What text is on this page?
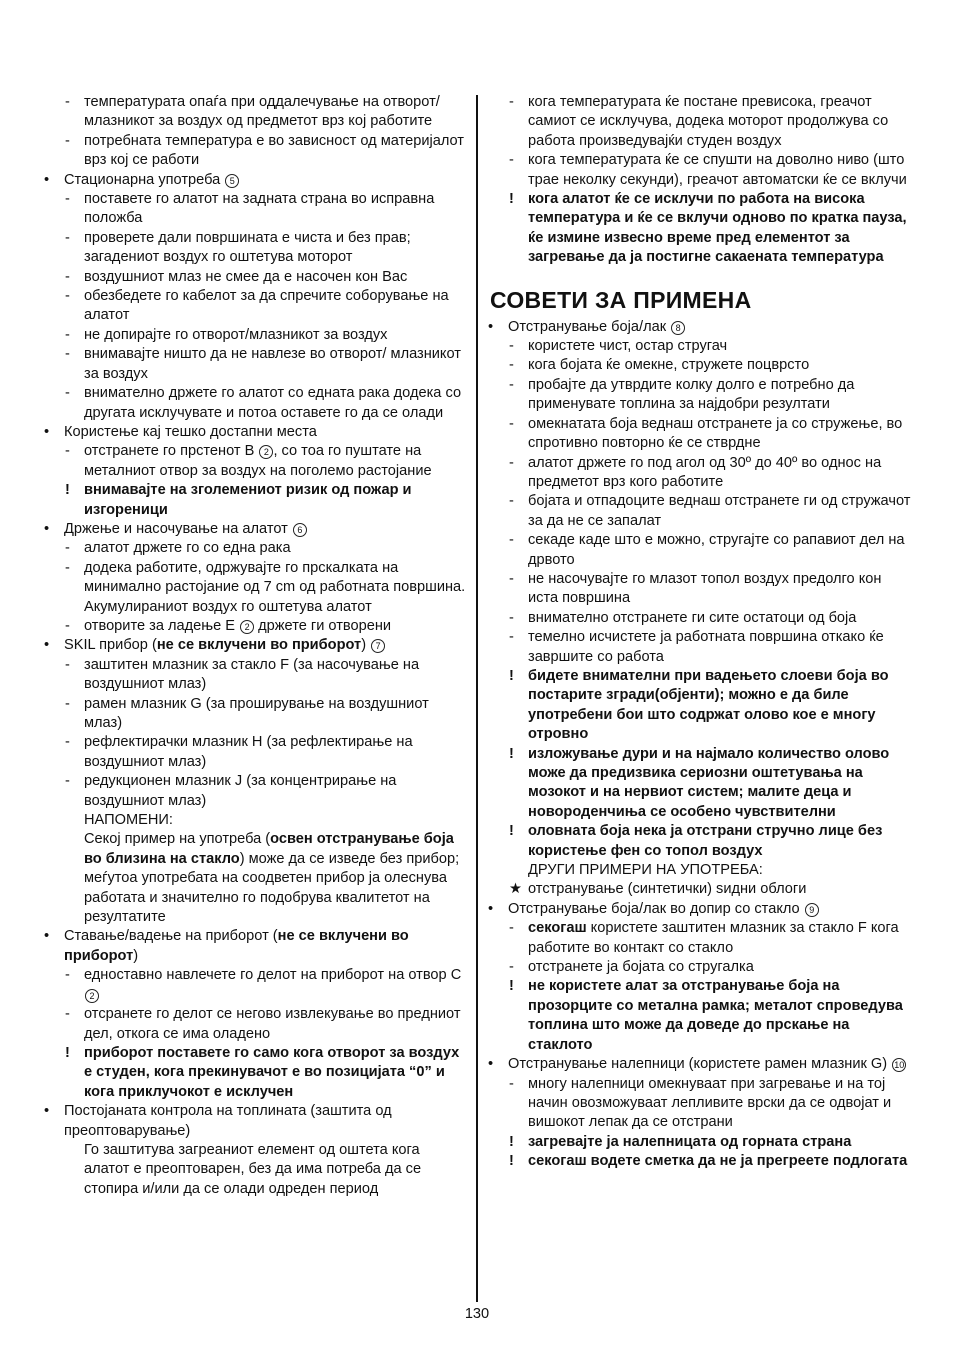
- температурата опаѓа при оддалечување на отворот/млазникот за воздух од предметот врз кој работите
- потребната температура е во зависност од материјалот врз кој се работи
• Стационарна употреба 5
- поставете го алатот на задната страна во исправна положба
- проверете дали површината е чиста и без прав; загадениот воздух го оштетува моторот
- воздушниот млаз не смее да е насочен кон Вас
- обезбедете го кабелот за да спречите соборување на алатот
- не допирајте го отворот/млазникот за воздух
- внимавајте ништо да не навлезе во отворот/ млазникот за воздух
- внимателно држете го алатот со едната рака додека со другата исклучувате и потоа оставете го да се олади
• Користење кај тешко достапни места
- отстранете го прстенот B 2 , со тоа го пуштате на металниот отвор за воздух на поголемо растојание
! внимавајте на зголемениот ризик од пожар и изгореници
• Држење и насочување на алатот 6
- алатот држете го со една рака
- додека работите, одржувајте го прскалката на минимално растојание од 7 cm од работната површина. Акумулираниот воздух го оштетува алатот
- отворите за ладење E 2 држете ги отворени
• SKIL прибор (не се вклучени во приборот) 7
- заштитен млазник за стакло F (за насочување на воздушниот млаз)
- рамен млазник G (за проширување на воздушниот млаз)
- рефлектирачки млазник H (за рефлектирање на воздушниот млаз)
- редукционен млазник J (за концентрирање на воздушниот млаз)
НАПОМЕНИ:
Секој пример на употреба (освен отстранување боја во близина на стакло) може да се изведе без прибор; меѓутоа употребата на соодветен прибор ја олеснува работата и значително го подобрува квалитетот на резултатите
• Ставање/вадење на приборот (не се вклучени во приборот)
- едноставно навлечете го делот на приборот на отвор C 2
- отсранете го делот се негово извлекување во предниот дел, откога се има оладено
! приборот поставете го само кога отворот за воздух е студен, кога прекинувачот е во позицијата “0” и кога приклучокот е исклучен
• Постојаната контрола на топлината (заштита од преоптоварување)
Го заштитува загреаниот елемент од оштета кога алатот е преоптоварен, без да има потреба да се стопира и/или да се олади одреден период
- кога температурата ќе постане превисока, греачот самиот се исклучува, додека моторот продолжува со работа произведувајќи студен воздух
- кога температурата ќе се спушти на доволно ниво (што трае неколку секунди), греачот автоматски ќе се вклучи
! кога алатот ќе се исклучи по работа на висока температура и ќе се вклучи одново по кратка пауза, ќе измине извесно време пред елементот за загревање да ја постигне сакаената температура
СОВЕТИ ЗА ПРИМЕНА
• Отстранување боја/лак 8
- користете чист, остар стругач
- кога бојата ќе омекне, стружете поцврсто
- пробајте да утврдите колку долго е потребно да применувате топлина за најдобри резултати
- омекнатата боја веднаш отстранете ја со стружење, во спротивно повторно ќе се стврдне
- алатот држете го под агол од 30º до 40º во однос на предметот врз кого работите
- бојата и отпадоците веднаш отстранете ги од стружачот за да не се запалат
- секаде каде што е можно, стругајте со рапавиот дел на дрвото
- не насочувајте го млазот топол воздух предолго кон иста површина
- внимателно отстранете ги сите остатоци од боја
- темелно исчистете ја работната површина откако ќе завршите со работа
! бидете внимателни при вадењето слоеви боја во постарите згради(објенти); можно е да биле употребени бои што содржат олово кое е многу отровно
! изложување дури и на најмало количество олово може да предизвика сериозни оштетувања на мозокот и на нервиот систем; малите деца и новороденчиња се особено чувствителни
! оловната боја нека ја отстрани стручно лице без користење фен со топол воздух
ДРУГИ ПРИМЕРИ НА УПОТРЕБА:
★ отстранување (синтетички) ѕидни облоги
• Отстранување боја/лак во допир со стакло 9
- секогаш користете заштитен млазник за стакло F кога работите во контакт со стакло
- отстранете ја бојата со стругалка
! не користете алат за отстранување боја на прозорците со метална рамка; металот спроведува топлина што може да доведе до прскање на стаклото
• Отстранување налепници (користете рамен млазник G) 10
- многу налепници омекнуваат при загревање и на тој начин овозможуваат лепливите врски да се одвојат и вишокот лепак да се отстрани
! загревајте ја налепницата од горната страна
! секогаш водете сметка да не ја прегреете подлогата
130
